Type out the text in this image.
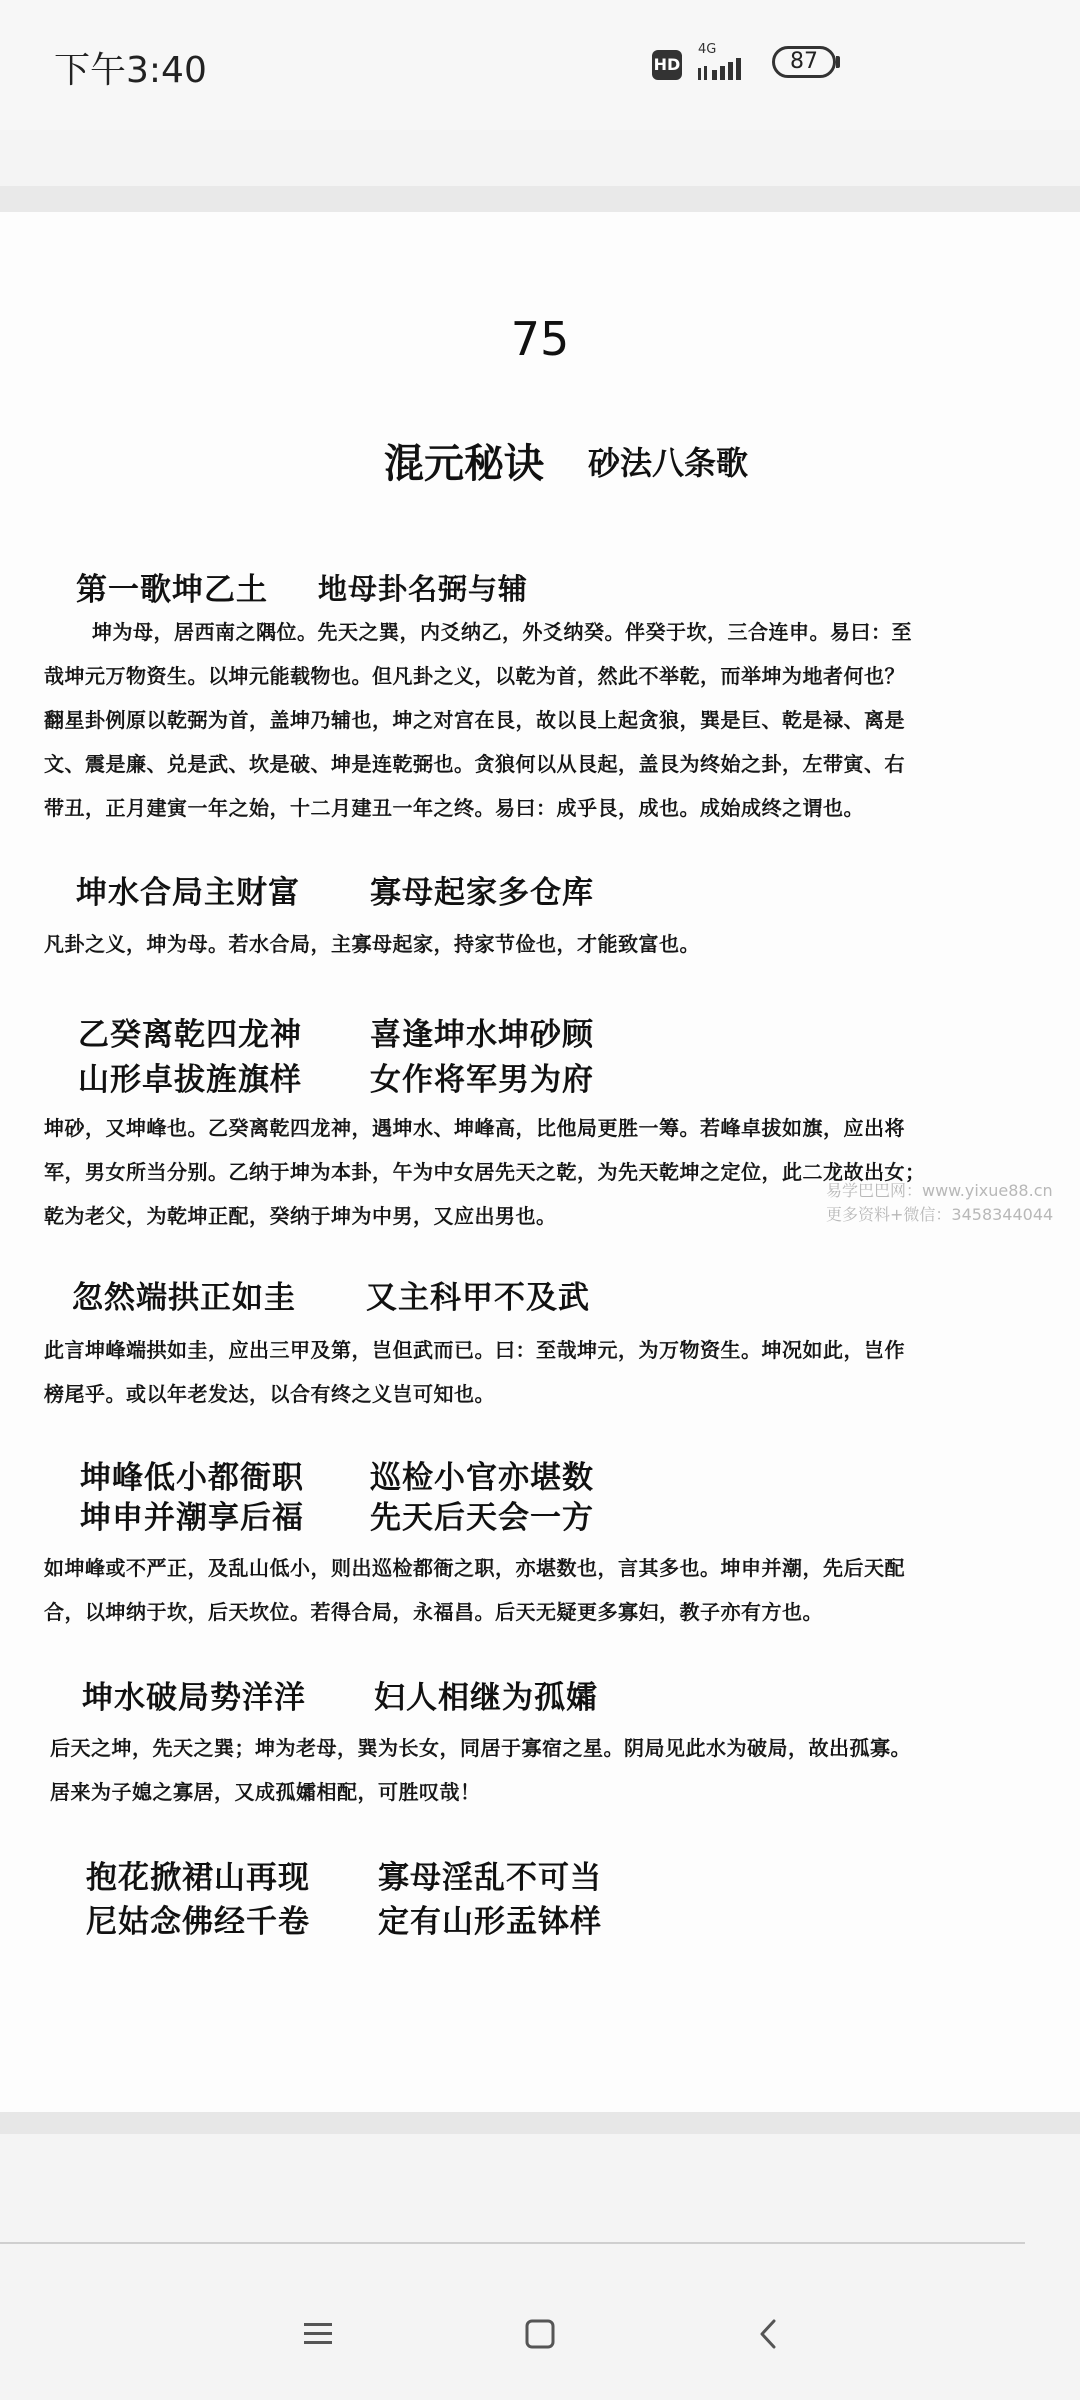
下午3:40	HD
4G	87
75
混元秘诀 砂法八条歌
第一歌坤乙土 地母卦名弼与辅
坤为母，居西南之隅位。先天之巽，内爻纳乙，外爻纳癸。伴癸于坎，三合连申。易曰：至
哉坤元万物资生。以坤元能载物也。但凡卦之义，以乾为首，然此不举乾，而举坤为地者何也？
翻星卦例原以乾弼为首，盖坤乃辅也，坤之对宫在艮，故以艮上起贪狼，巽是巨、乾是禄、离是
文、震是廉、兑是武、坎是破、坤是连乾弼也。贪狼何以从艮起，盖艮为终始之卦，左带寅、右
带丑，正月建寅一年之始，十二月建丑一年之终。易曰：成乎艮，成也。成始成终之谓也。
坤水合局主财富 寡母起家多仓库
凡卦之义，坤为母。若水合局，主寡母起家，持家节俭也，才能致富也。
乙癸离乾四龙神 喜逢坤水坤砂顾
山形卓拔旌旗样 女作将军男为府
坤砂，又坤峰也。乙癸离乾四龙神，遇坤水、坤峰高，比他局更胜一筹。若峰卓拔如旗，应出将
军，男女所当分别。乙纳于坤为本卦，午为中女居先天之乾，为先天乾坤之定位，此二龙故出女；
乾为老父，为乾坤正配，癸纳于坤为中男，又应出男也。
易学巴巴网：www.yixue88.cn
更多资料+微信：3458344044
忽然端拱正如圭 又主科甲不及武
此言坤峰端拱如圭，应出三甲及第，岂但武而已。曰：至哉坤元，为万物资生。坤况如此，岂作
榜尾乎。或以年老发达，以合有终之义岂可知也。
坤峰低小都衙职 巡检小官亦堪数
坤申并潮享后福 先天后天会一方
如坤峰或不严正，及乱山低小，则出巡检都衙之职，亦堪数也，言其多也。坤申并潮，先后天配
合，以坤纳于坎，后天坎位。若得合局，永福昌。后天无疑更多寡妇，教子亦有方也。
坤水破局势洋洋 妇人相继为孤孀
后天之坤，先天之巽；坤为老母，巽为长女，同居于寡宿之星。阴局见此水为破局，故出孤寡。
居来为子媳之寡居，又成孤孀相配，可胜叹哉！
抱花掀裙山再现 寡母淫乱不可当
尼姑念佛经千卷 定有山形盂钵样
